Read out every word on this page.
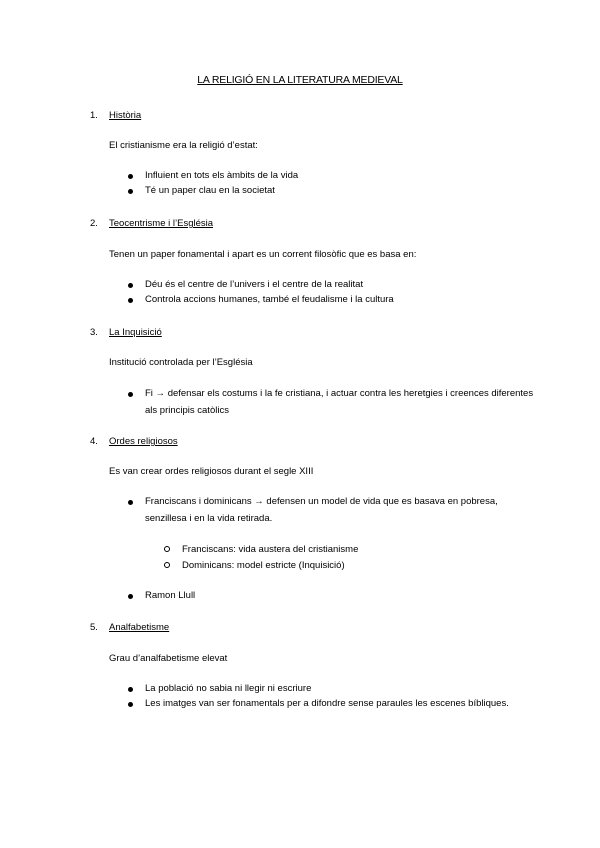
LA RELIGIÓ EN LA LITERATURA MEDIEVAL
1. Història
El cristianisme era la religió d’estat:
Influient en tots els àmbits de la vida
Té un paper clau en la societat
2. Teocentrisme i l’Església
Tenen un paper fonamental i apart es un corrent filosòfic que es basa en:
Déu és el centre de l’univers i el centre de la realitat
Controla accions humanes, també el feudalisme i la cultura
3. La Inquisició
Institució controlada per l’Església
Fi → defensar els costums i la fe cristiana, i actuar contra les heretgies i creences diferentes als principis catòlics
4. Ordes religiosos
Es van crear ordes religiosos durant el segle XIII
Franciscans i dominicans → defensen un model de vida que es basava en pobresa, senzillesa i en la vida retirada.
Franciscans: vida austera del cristianisme
Dominicans: model estricte (Inquisició)
Ramon Llull
5. Analfabetisme
Grau d’analfabetisme elevat
La població no sabia ni llegir ni escriure
Les imatges van ser fonamentals per a difondre sense paraules les escenes bíbliques.
